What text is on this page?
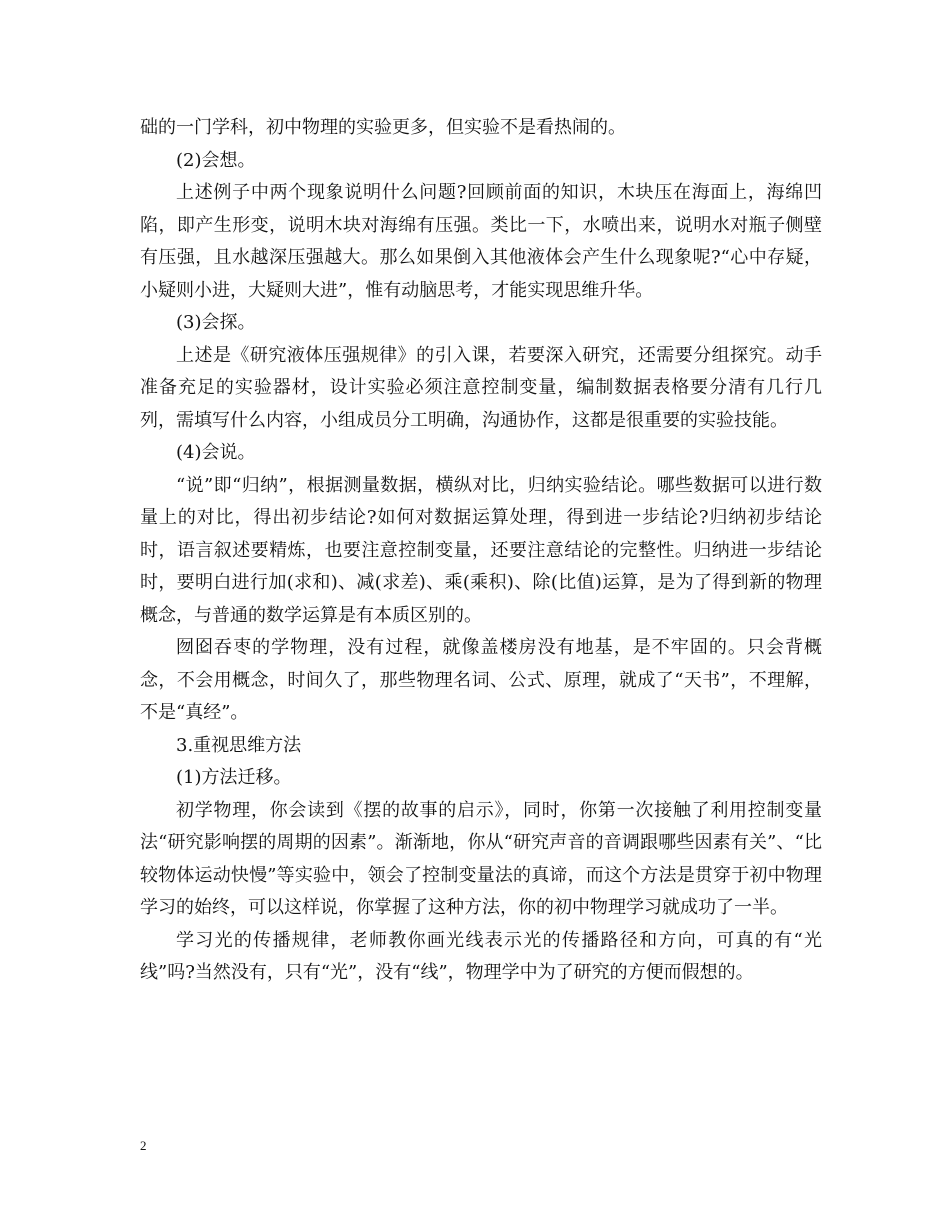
础的一门学科，初中物理的实验更多，但实验不是看热闹的。

(2)会想。

上述例子中两个现象说明什么问题?回顾前面的知识，木块压在海面上，海绵凹陷，即产生形变，说明木块对海绵有压强。类比一下，水喷出来，说明水对瓶子侧壁有压强，且水越深压强越大。那么如果倒入其他液体会产生什么现象呢?“心中存疑，小疑则小进，大疑则大进”，惟有动脑思考，才能实现思维升华。

(3)会探。

上述是《研究液体压强规律》的引入课，若要深入研究，还需要分组探究。动手准备充足的实验器材，设计实验必须注意控制变量，编制数据表格要分清有几行几列，需填写什么内容，小组成员分工明确，沟通协作，这都是很重要的实验技能。

(4)会说。

“说”即“归纳”，根据测量数据，横纵对比，归纳实验结论。哪些数据可以进行数量上的对比，得出初步结论?如何对数据运算处理，得到进一步结论?归纳初步结论时，语言叙述要精炼，也要注意控制变量，还要注意结论的完整性。归纳进一步结论时，要明白进行加(求和)、减(求差)、乘(乘积)、除(比值)运算，是为了得到新的物理概念，与普通的数学运算是有本质区别的。

囫囵吞枣的学物理，没有过程，就像盖楼房没有地基，是不牢固的。只会背概念，不会用概念，时间久了，那些物理名词、公式、原理，就成了“天书”，不理解，不是“真经”。

3.重视思维方法

(1)方法迁移。

初学物理，你会读到《摆的故事的启示》，同时，你第一次接触了利用控制变量法“研究影响摆的周期的因素”。渐渐地，你从“研究声音的音调跟哪些因素有关”、“比较物体运动快慢”等实验中，领会了控制变量法的真谛，而这个方法是贯穿于初中物理学习的始终，可以这样说，你掌握了这种方法，你的初中物理学习就成功了一半。

学习光的传播规律，老师教你画光线表示光的传播路径和方向，可真的有“光线”吗?当然没有，只有“光”，没有“线”，物理学中为了研究的方便而假想的。

2
